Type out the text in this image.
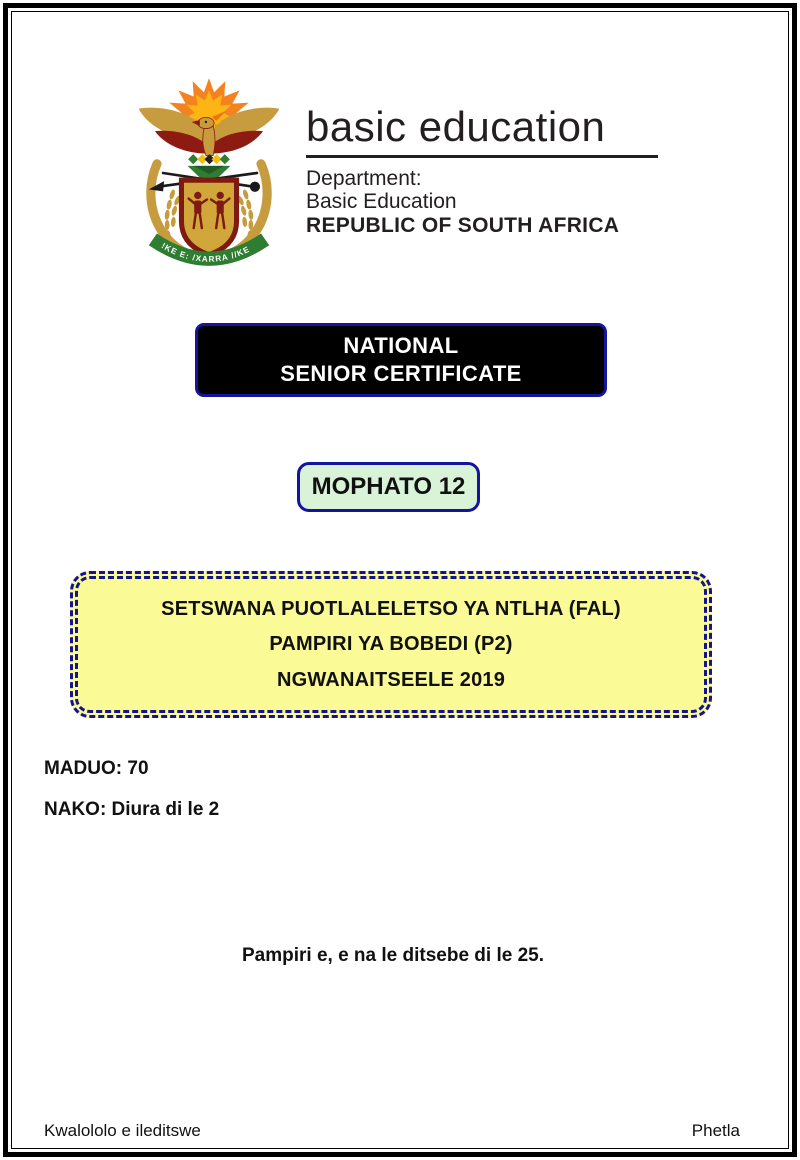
!KE E: /XARRA //KE
basic education
Department:
Basic Education
REPUBLIC OF SOUTH AFRICA
NATIONAL
SENIOR CERTIFICATE
MOPHATO 12
SETSWANA PUOTLALELETSO YA NTLHA (FAL)
PAMPIRI YA BOBEDI (P2)
NGWANAITSEELE 2019
MADUO: 70
NAKO: Diura di le 2
Pampiri e, e na le ditsebe di le 25.
Kwalololo e ileditswe	Phetla
